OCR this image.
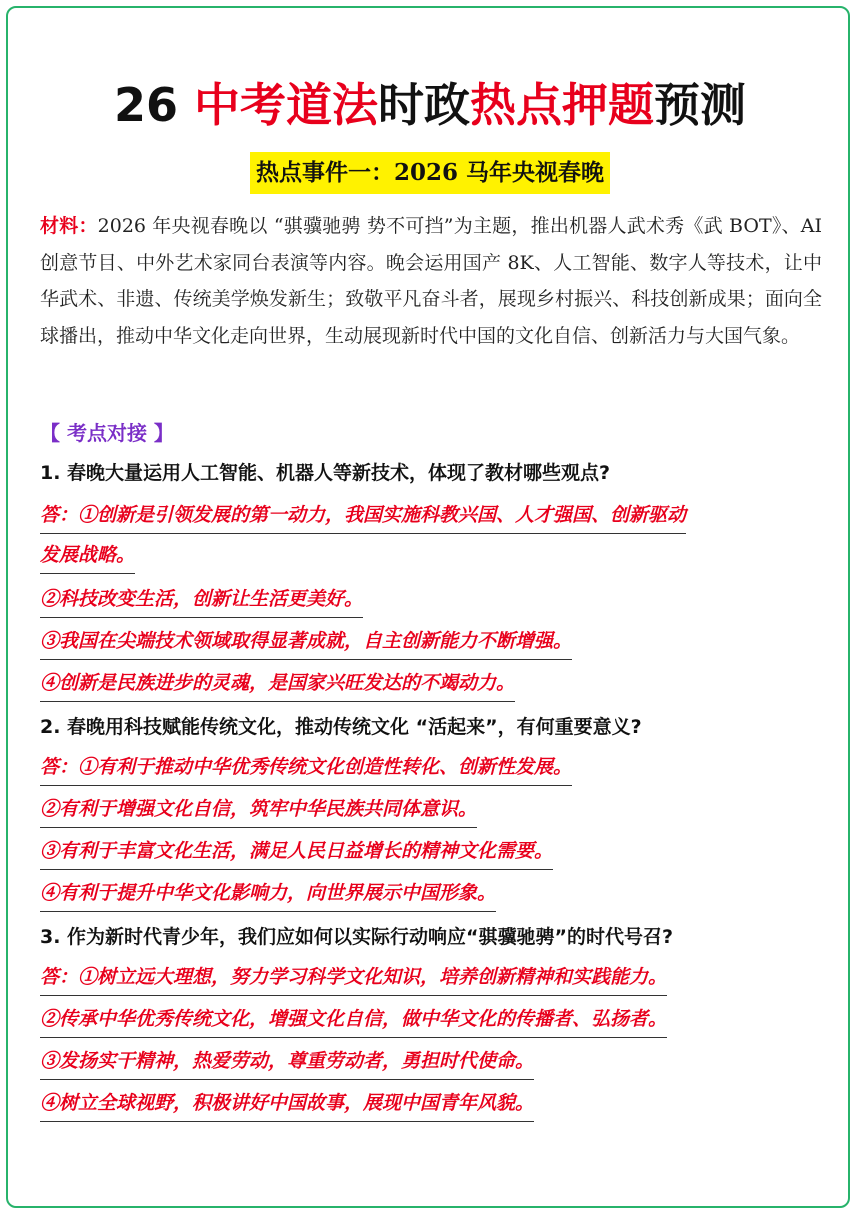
26 中考道法时政热点押题预测
热点事件一：2026 马年央视春晚
材料：2026 年央视春晚以 “骐骥驰骋 势不可挡”为主题，推出机器人武术秀《武 BOT》、AI 创意节目、中外艺术家同台表演等内容。晚会运用国产 8K、人工智能、数字人等技术，让中华武术、非遗、传统美学焕发新生；致敬平凡奋斗者，展现乡村振兴、科技创新成果；面向全球播出，推动中华文化走向世界，生动展现新时代中国的文化自信、创新活力与大国气象。
【 考点对接 】
1. 春晚大量运用人工智能、机器人等新技术，体现了教材哪些观点?
答：①创新是引领发展的第一动力，我国实施科教兴国、人才强国、创新驱动
发展战略。
②科技改变生活，创新让生活更美好。
③我国在尖端技术领域取得显著成就，自主创新能力不断增强。
④创新是民族进步的灵魂，是国家兴旺发达的不竭动力。
2. 春晚用科技赋能传统文化，推动传统文化 “活起来”，有何重要意义?
答：①有利于推动中华优秀传统文化创造性转化、创新性发展。
②有利于增强文化自信，筑牢中华民族共同体意识。
③有利于丰富文化生活，满足人民日益增长的精神文化需要。
④有利于提升中华文化影响力，向世界展示中国形象。
3. 作为新时代青少年，我们应如何以实际行动响应“骐骥驰骋”的时代号召?
答：①树立远大理想，努力学习科学文化知识，培养创新精神和实践能力。
②传承中华优秀传统文化，增强文化自信，做中华文化的传播者、弘扬者。
③发扬实干精神，热爱劳动，尊重劳动者，勇担时代使命。
④树立全球视野，积极讲好中国故事，展现中国青年风貌。
